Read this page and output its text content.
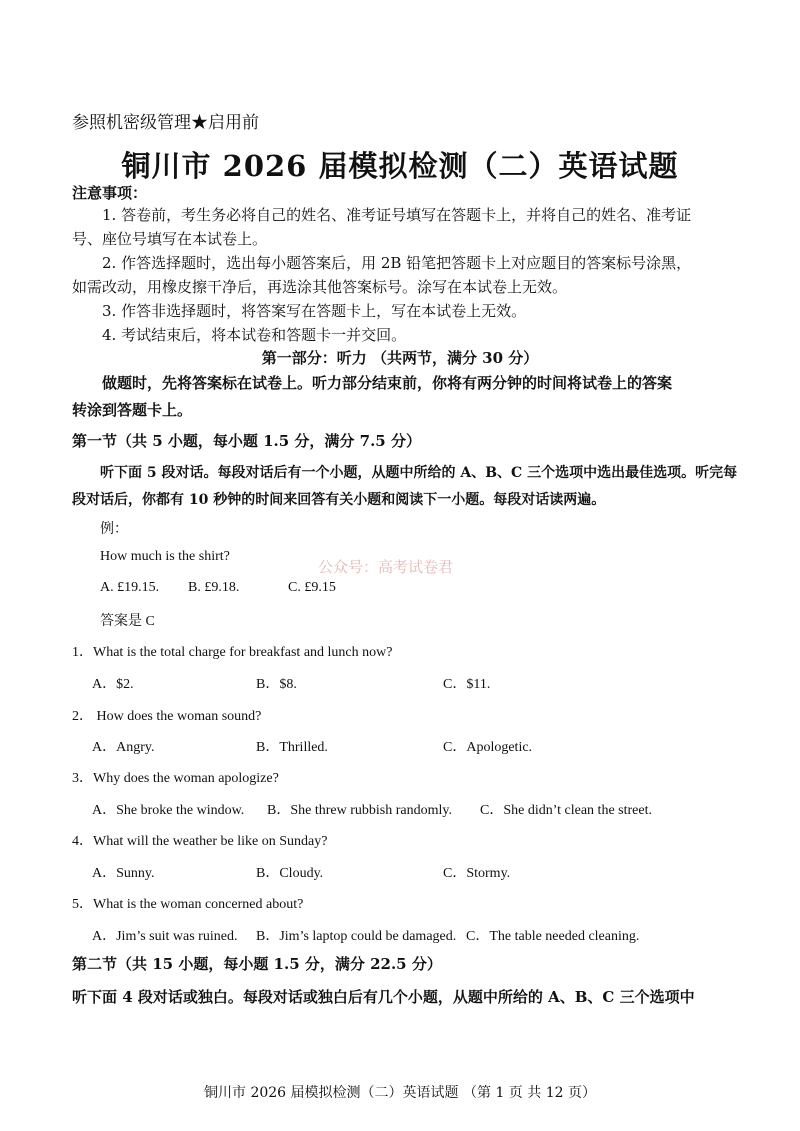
参照机密级管理★启用前
铜川市 2026 届模拟检测（二）英语试题
注意事项：
1. 答卷前，考生务必将自己的姓名、准考证号填写在答题卡上，并将自己的姓名、准考证
号、座位号填写在本试卷上。
2. 作答选择题时，选出每小题答案后，用 2B 铅笔把答题卡上对应题目的答案标号涂黑，
如需改动，用橡皮擦干净后，再选涂其他答案标号。涂写在本试卷上无效。
3. 作答非选择题时，将答案写在答题卡上，写在本试卷上无效。
4. 考试结束后，将本试卷和答题卡一并交回。
第一部分：听力 （共两节，满分 30 分）
做题时，先将答案标在试卷上。听力部分结束前，你将有两分钟的时间将试卷上的答案
转涂到答题卡上。
第一节（共 5 小题，每小题 1.5 分，满分 7.5 分）
听下面 5 段对话。每段对话后有一个小题，从题中所给的 A、B、C 三个选项中选出最佳选项。听完每
段对话后，你都有 10 秒钟的时间来回答有关小题和阅读下一小题。每段对话读两遍。
例：
How much is the shirt?
A. £19.15. B. £9.18.	C. £9.15
答案是 C
公众号：高考试卷君
1．What is the total charge for breakfast and lunch now?
A．$2.	B．$8.	C．$11.
2． How does the woman sound?
A．Angry.	B．Thrilled.	C．Apologetic.
3．Why does the woman apologize?
A．She broke the window. B．She threw rubbish randomly. C．She didn’t clean the street.
4．What will the weather be like on Sunday?
A．Sunny.	B．Cloudy.	C．Stormy.
5．What is the woman concerned about?
A．Jim’s suit was ruined. B．Jim’s laptop could be damaged. C．The table needed cleaning.
第二节（共 15 小题，每小题 1.5 分，满分 22.5 分）
听下面 4 段对话或独白。每段对话或独白后有几个小题，从题中所给的 A、B、C 三个选项中
铜川市 2026 届模拟检测（二）英语试题 （第 1 页 共 12 页）
